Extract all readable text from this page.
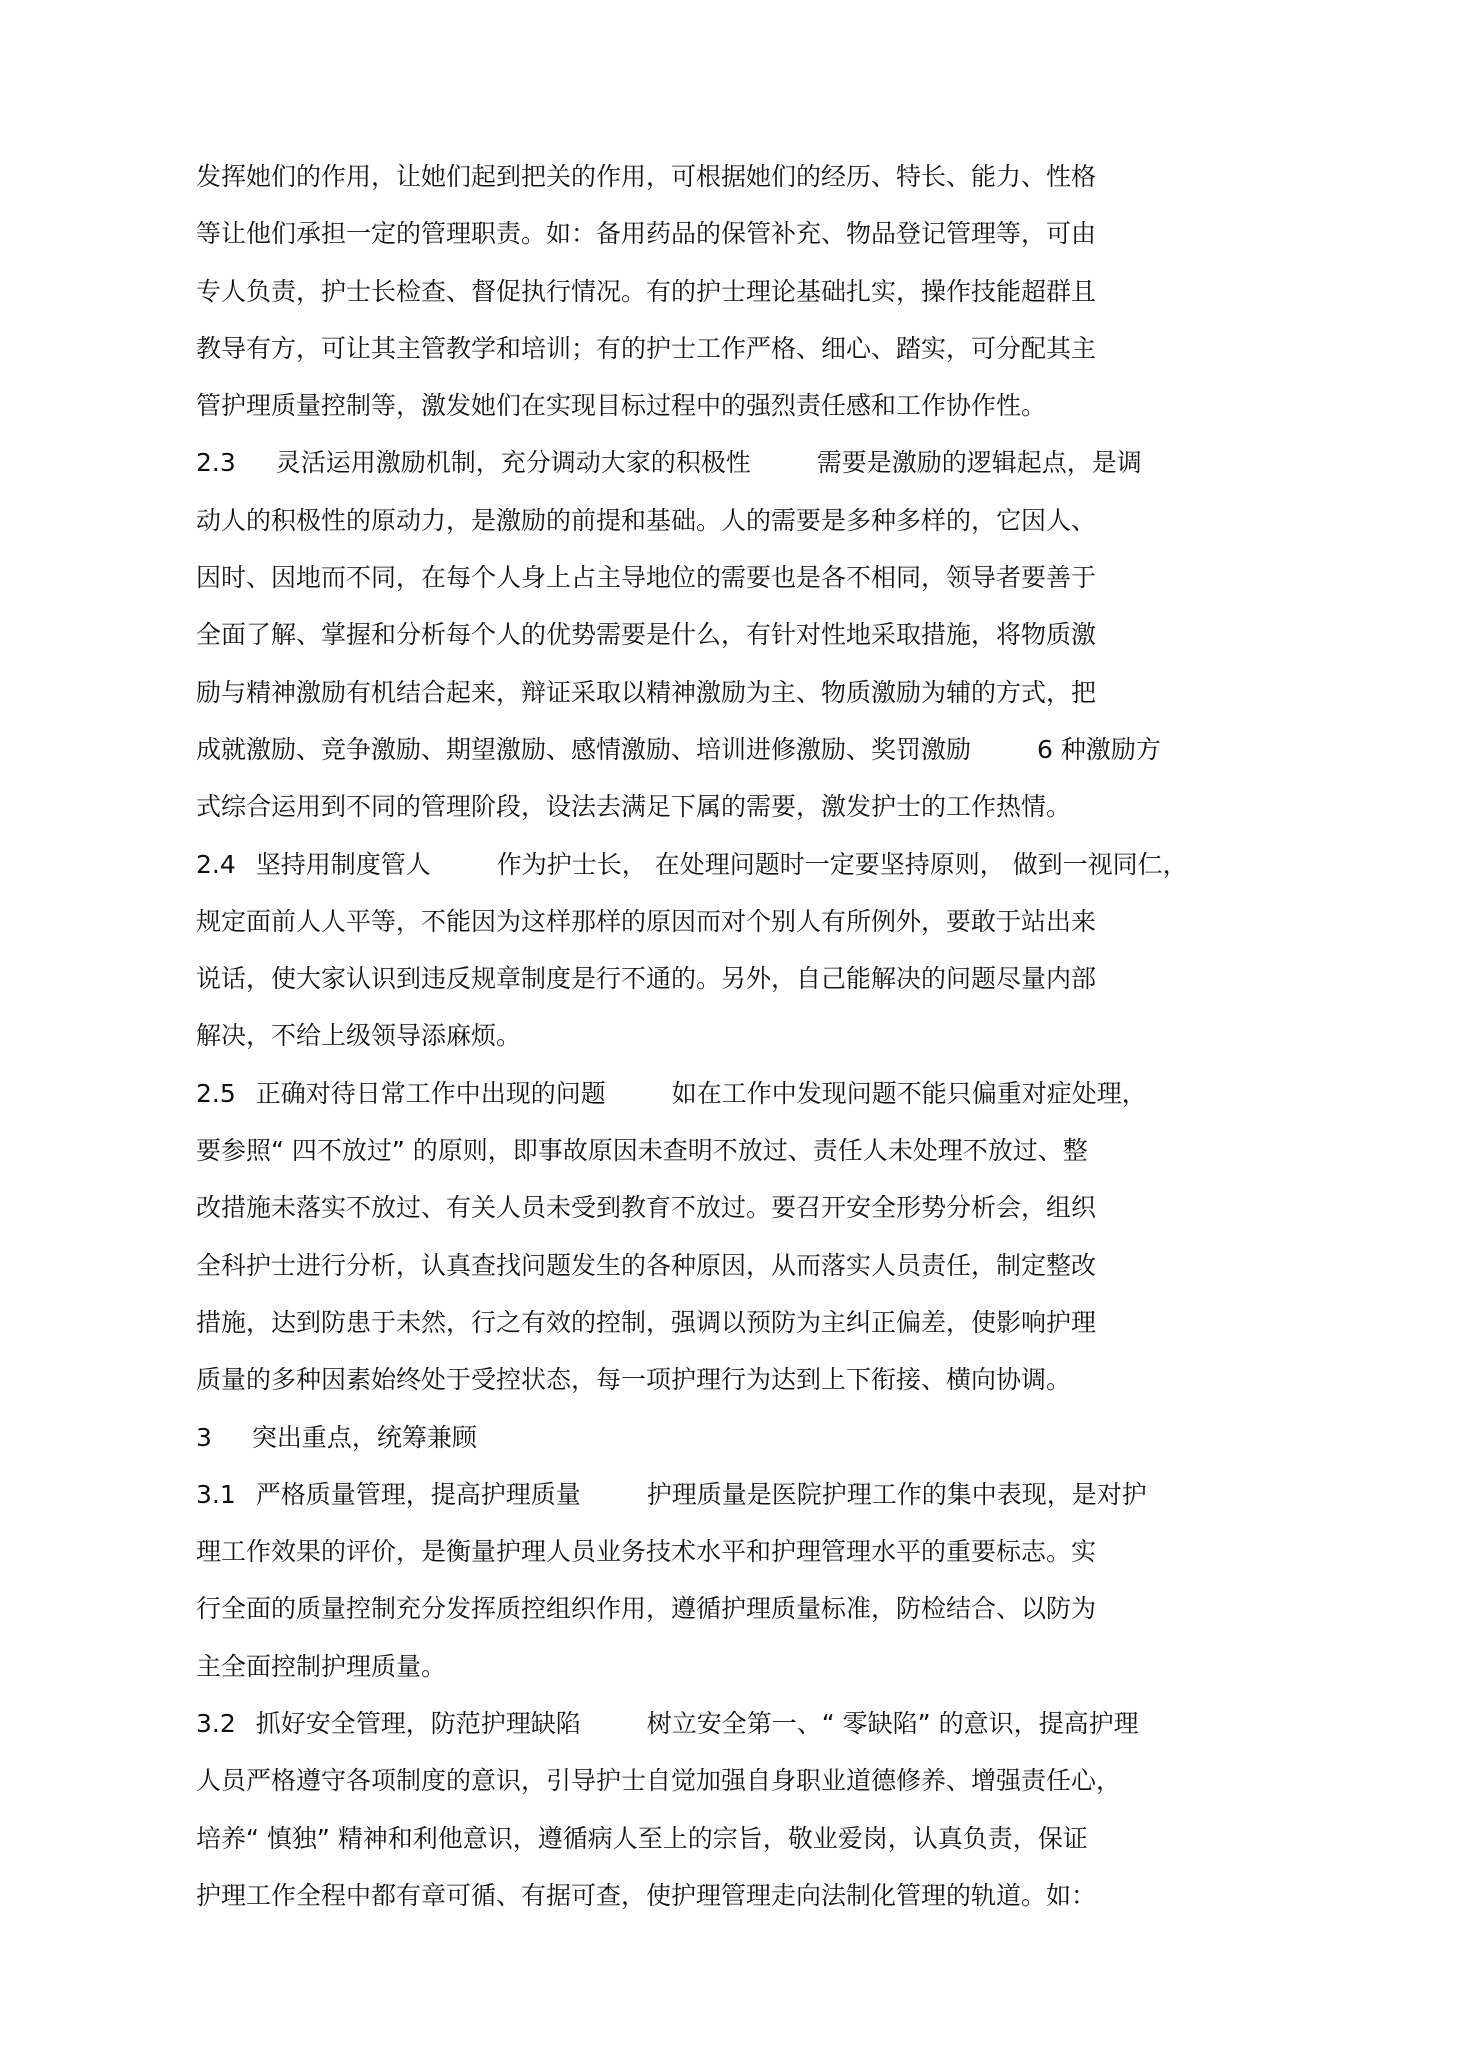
发挥她们的作用，让她们起到把关的作用，可根据她们的经历、特长、能力、性格
等让他们承担一定的管理职责。如：备用药品的保管补充、物品登记管理等，可由
专人负责，护士长检查、督促执行情况。有的护士理论基础扎实，操作技能超群且
教导有方，可让其主管教学和培训；有的护士工作严格、细心、踏实，可分配其主
管护理质量控制等，激发她们在实现目标过程中的强烈责任感和工作协作性。
2.3 灵活运用激励机制，充分调动大家的积极性	需要是激励的逻辑起点，是调
动人的积极性的原动力，是激励的前提和基础。人的需要是多种多样的，它因人、
因时、因地而不同，在每个人身上占主导地位的需要也是各不相同，领导者要善于
全面了解、掌握和分析每个人的优势需要是什么，有针对性地采取措施，将物质激
励与精神激励有机结合起来，辩证采取以精神激励为主、物质激励为辅的方式，把
成就激励、竞争激励、期望激励、感情激励、培训进修激励、奖罚激励	6 种激励方
式综合运用到不同的管理阶段，设法去满足下属的需要，激发护士的工作热情。
2.4 坚持用制度管人	作为护士长， 在处理问题时一定要坚持原则， 做到一视同仁，
规定面前人人平等，不能因为这样那样的原因而对个别人有所例外，要敢于站出来
说话，使大家认识到违反规章制度是行不通的。另外，自己能解决的问题尽量内部
解决，不给上级领导添麻烦。
2.5 正确对待日常工作中出现的问题	如在工作中发现问题不能只偏重对症处理，
要参照“ 四不放过” 的原则，即事故原因未查明不放过、责任人未处理不放过、整
改措施未落实不放过、有关人员未受到教育不放过。要召开安全形势分析会，组织
全科护士进行分析，认真查找问题发生的各种原因，从而落实人员责任，制定整改
措施，达到防患于未然，行之有效的控制，强调以预防为主纠正偏差，使影响护理
质量的多种因素始终处于受控状态，每一项护理行为达到上下衔接、横向协调。
3 突出重点，统筹兼顾
3.1 严格质量管理，提高护理质量	护理质量是医院护理工作的集中表现，是对护
理工作效果的评价，是衡量护理人员业务技术水平和护理管理水平的重要标志。实
行全面的质量控制充分发挥质控组织作用，遵循护理质量标准，防检结合、以防为
主全面控制护理质量。
3.2 抓好安全管理，防范护理缺陷	树立安全第一、“ 零缺陷” 的意识，提高护理
人员严格遵守各项制度的意识，引导护士自觉加强自身职业道德修养、增强责任心，
培养“ 慎独” 精神和利他意识，遵循病人至上的宗旨，敬业爱岗，认真负责，保证
护理工作全程中都有章可循、有据可查，使护理管理走向法制化管理的轨道。如：
